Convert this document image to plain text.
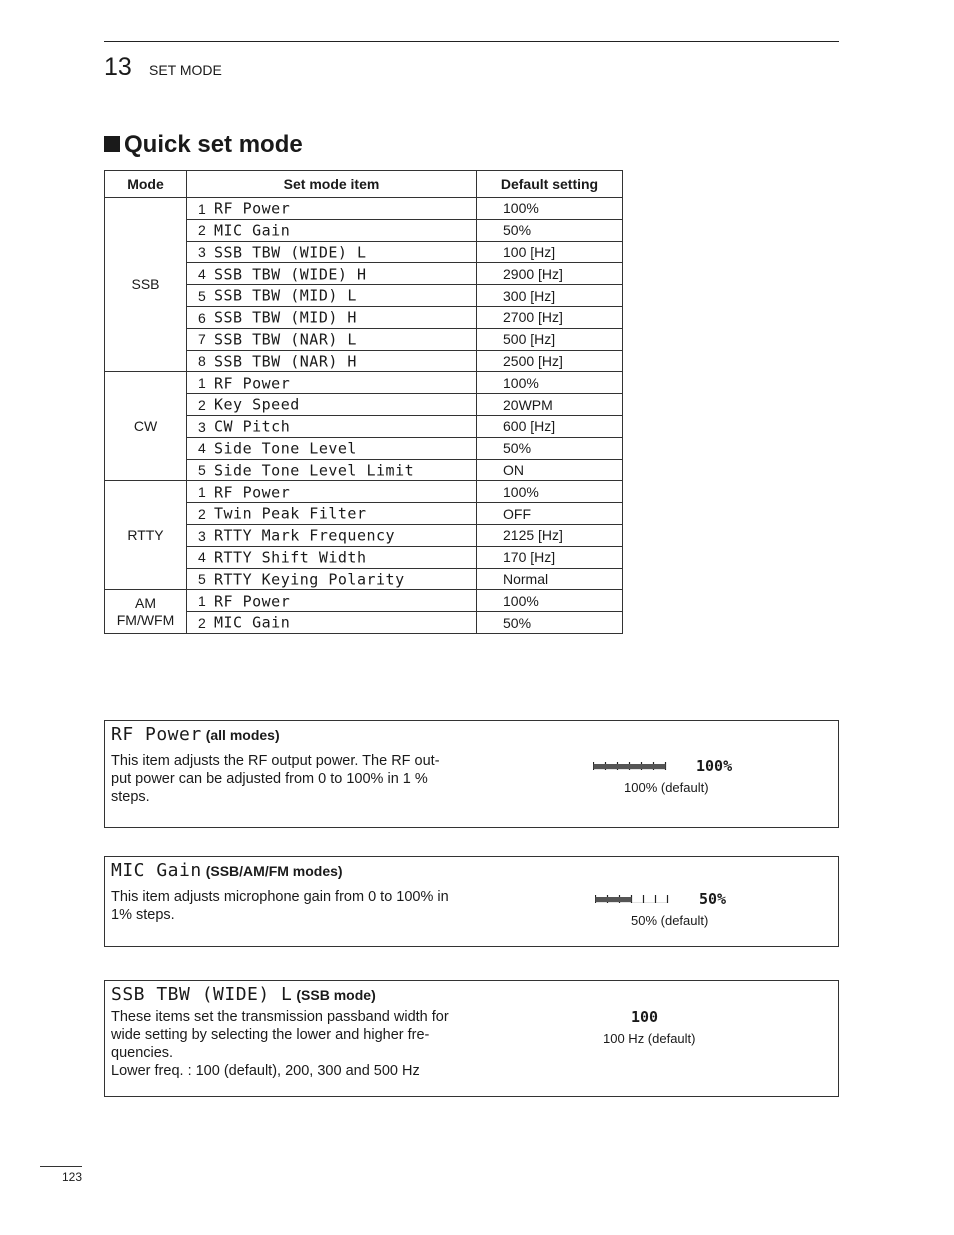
13 SET MODE
Quick set mode
Mode	Set mode item	Default setting
SSB	1 RF Power	100%
	2 MIC Gain	50%
	3 SSB TBW (WIDE) L	100 [Hz]
	4 SSB TBW (WIDE) H	2900 [Hz]
	5 SSB TBW (MID) L	300 [Hz]
	6 SSB TBW (MID) H	2700 [Hz]
	7 SSB TBW (NAR) L	500 [Hz]
	8 SSB TBW (NAR) H	2500 [Hz]
CW	1 RF Power	100%
	2 Key Speed	20WPM
	3 CW Pitch	600 [Hz]
	4 Side Tone Level	50%
	5 Side Tone Level Limit	ON
RTTY	1 RF Power	100%
	2 Twin Peak Filter	OFF
	3 RTTY Mark Frequency	2125 [Hz]
	4 RTTY Shift Width	170 [Hz]
	5 RTTY Keying Polarity	Normal

AM
FM/WFM	1 RF Power	100%
	2 MIC Gain	50%
RF Power (all modes)
This item adjusts the RF output power. The RF out-put power can be adjusted from 0 to 100% in 1 % steps.
100%
100% (default)
MIC Gain (SSB/AM/FM modes)
This item adjusts microphone gain from 0 to 100% in 1% steps.
50%
50% (default)
SSB TBW (WIDE) L (SSB mode)
These items set the transmission passband width for
wide setting by selecting the lower and higher fre-
quencies.
Lower freq. : 100 (default), 200, 300 and 500 Hz
100
100 Hz (default)
123
